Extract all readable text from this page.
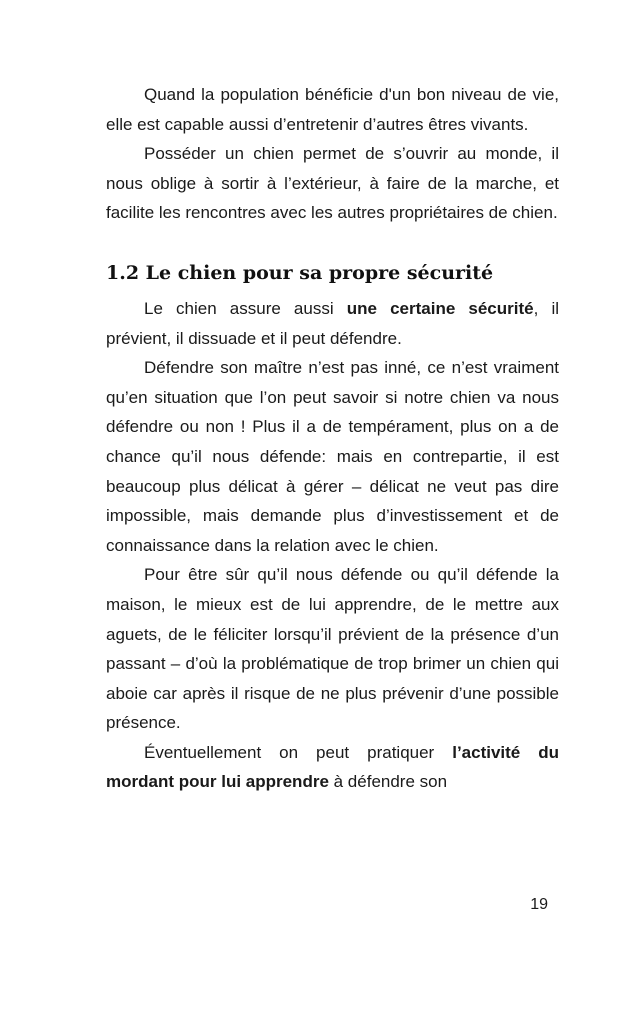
Quand la population bénéficie d'un bon niveau de vie, elle est capable aussi d’entretenir d’autres êtres vivants.

Posséder un chien permet de s’ouvrir au monde, il nous oblige à sortir à l’extérieur, à faire de la marche, et facilite les rencontres avec les autres propriétaires de chien.

1.2 Le chien pour sa propre sécurité

Le chien assure aussi une certaine sécurité, il prévient, il dissuade et il peut défendre.

Défendre son maître n’est pas inné, ce n’est vraiment qu’en situation que l’on peut savoir si notre chien va nous défendre ou non ! Plus il a de tempérament, plus on a de chance qu’il nous défende: mais en contrepartie, il est beaucoup plus délicat à gérer – délicat ne veut pas dire impossible, mais demande plus d’investissement et de connaissance dans la relation avec le chien.

Pour être sûr qu’il nous défende ou qu’il défende la maison, le mieux est de lui apprendre, de le mettre aux aguets, de le féliciter lorsqu’il prévient de la présence d’un passant – d’où la problématique de trop brimer un chien qui aboie car après il risque de ne plus prévenir d’une possible présence.

Éventuellement on peut pratiquer l’activité du mordant pour lui apprendre à défendre son

19
